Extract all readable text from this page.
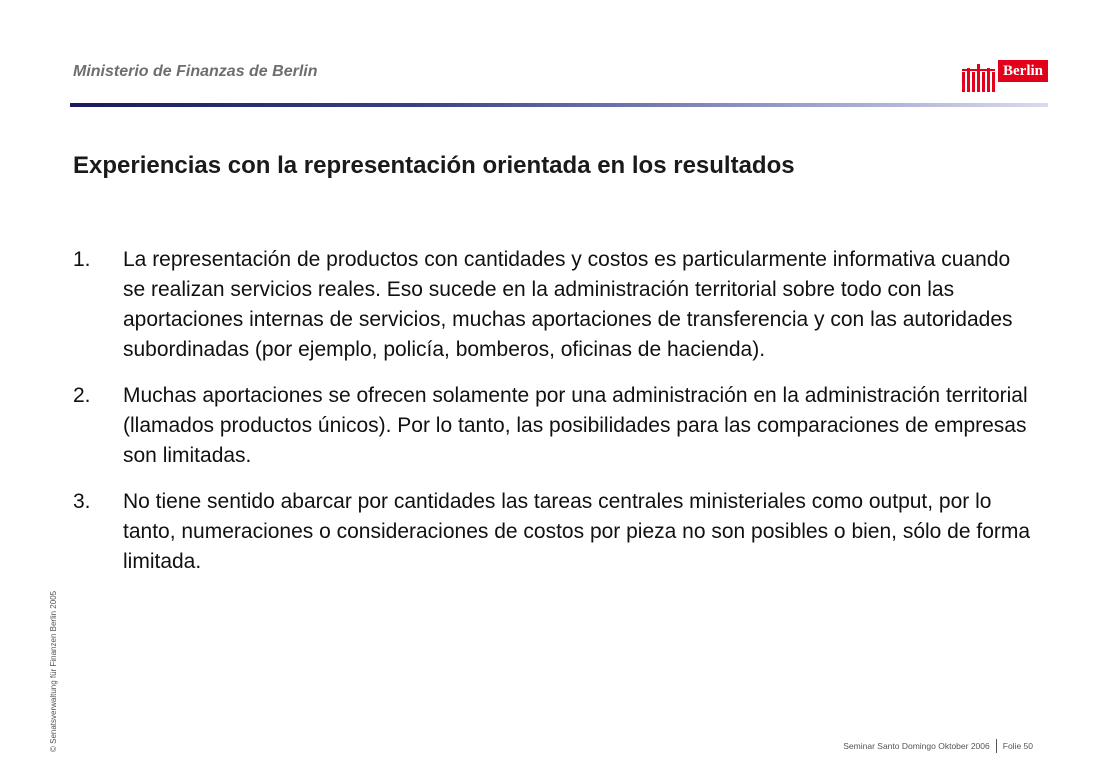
Ministerio de Finanzas de Berlin	Berlin
Experiencias con la representación orientada en los resultados
1.	La representación de productos con cantidades y costos es particularmente informativa cuando se realizan servicios reales. Eso sucede en la administración territorial sobre todo con las aportaciones internas de servicios, muchas aportaciones de transferencia y con las autoridades subordinadas (por ejemplo, policía, bomberos, oficinas de hacienda).
2.	Muchas aportaciones se ofrecen solamente por una administración en la administración territorial (llamados productos únicos). Por lo tanto, las posibilidades para las comparaciones de empresas son limitadas.
3.	No tiene sentido abarcar por cantidades las tareas centrales ministeriales como output, por lo tanto, numeraciones o consideraciones de costos por pieza no son posibles o bien, sólo de forma limitada.
© Senatsverwaltung für Finanzen Berlin 2005	Seminar Santo Domingo Oktober 2006 Folie 50
